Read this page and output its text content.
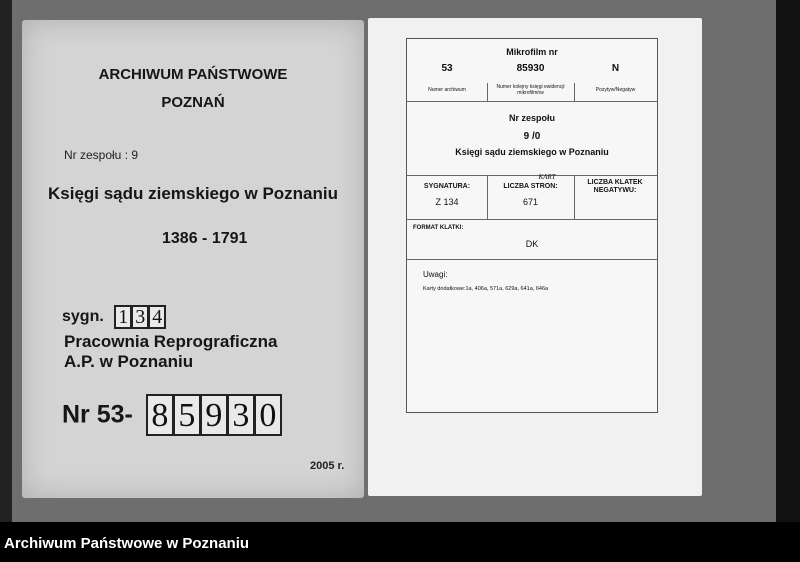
ARCHIWUM PAŃSTWOWE
POZNAŃ
Nr zespołu : 9
Księgi sądu ziemskiego w Poznaniu
1386 - 1791
sygn. 1 3 4
Pracownia Reprograficzna
A.P. w Poznaniu
Nr 53- 8 5 9 3 0
2005 r.
Mikrofilm nr
53	85930	N
Numer archiwum	Numer kolejny księgi ewidencji mikrofilmów	Pozytyw/Negatyw
Nr zespołu
9 /0
Księgi sądu ziemskiego w Poznaniu
SYGNATURA:
Z 134
KART
LICZBA STRON:
671
LICZBA KLATEK NEGATYWU:
FORMAT KLATKI:
DK
Uwagi:
Karty dodatkowe:1a, 406a, 571a, 629a, 641a, 646a
Archiwum Państwowe w Poznaniu
